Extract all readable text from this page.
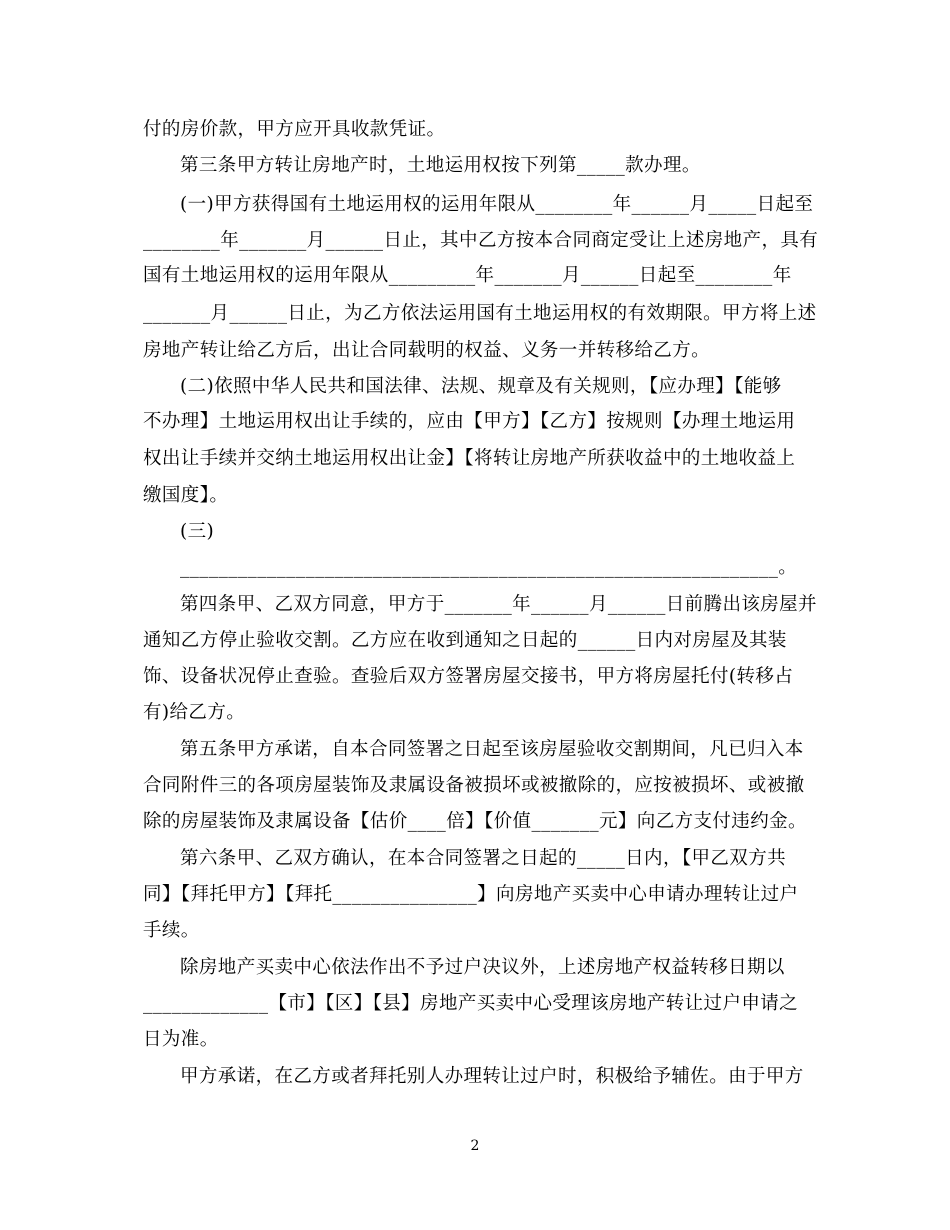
付的房价款，甲方应开具收款凭证。
第三条甲方转让房地产时，土地运用权按下列第_____款办理。
(一)甲方获得国有土地运用权的运用年限从________年______月_____日起至
________年_______月______日止，其中乙方按本合同商定受让上述房地产，具有
国有土地运用权的运用年限从_________年_______月______日起至________年
_______月______日止，为乙方依法运用国有土地运用权的有效期限。甲方将上述
房地产转让给乙方后，出让合同载明的权益、义务一并转移给乙方。
(二)依照中华人民共和国法律、法规、规章及有关规则，【应办理】【能够
不办理】土地运用权出让手续的，应由【甲方】【乙方】按规则【办理土地运用
权出让手续并交纳土地运用权出让金】【将转让房地产所获收益中的土地收益上
缴国度】。
(三)
______________________________________________________________。
第四条甲、乙双方同意，甲方于_______年______月______日前腾出该房屋并
通知乙方停止验收交割。乙方应在收到通知之日起的______日内对房屋及其装
饰、设备状况停止查验。查验后双方签署房屋交接书，甲方将房屋托付(转移占
有)给乙方。
第五条甲方承诺，自本合同签署之日起至该房屋验收交割期间，凡已归入本
合同附件三的各项房屋装饰及隶属设备被损坏或被撤除的，应按被损坏、或被撤
除的房屋装饰及隶属设备【估价____倍】【价值_______元】向乙方支付违约金。
第六条甲、乙双方确认，在本合同签署之日起的_____日内，【甲乙双方共
同】【拜托甲方】【拜托_______________】向房地产买卖中心申请办理转让过户
手续。
除房地产买卖中心依法作出不予过户决议外，上述房地产权益转移日期以
_____________【市】【区】【县】房地产买卖中心受理该房地产转让过户申请之
日为准。
甲方承诺，在乙方或者拜托别人办理转让过户时，积极给予辅佐。由于甲方
2
